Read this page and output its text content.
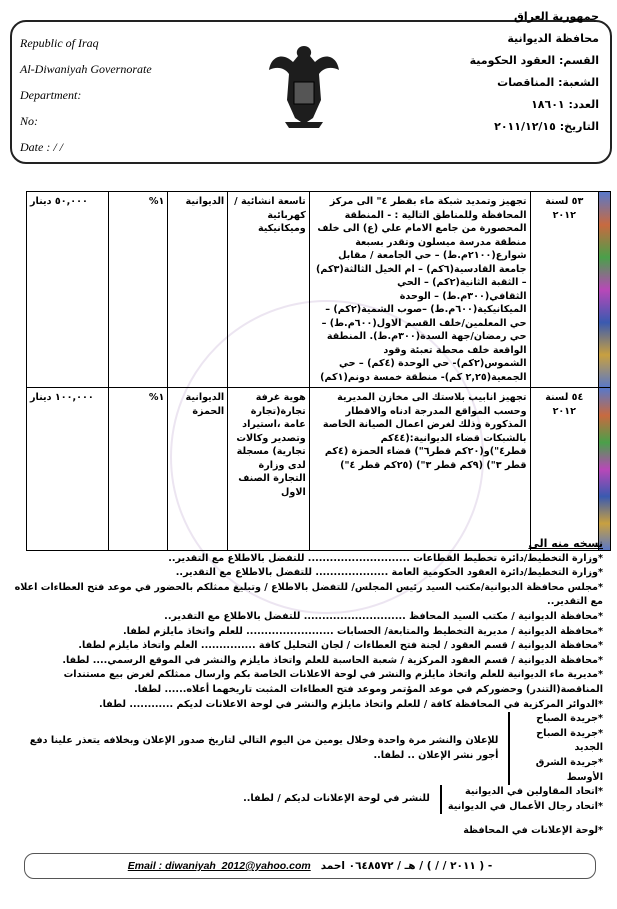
Republic of Iraq
Al-Diwaniyah Governorate
Department:
No:
Date : / /
جمهورية العراق
محافظة الديوانية
القسم: العقود الحكومية
الشعبة: المناقصات
العدد: ١٨٦٠١
التاريخ: ٢٠١١/١٢/١٥
	٥٣ لسنة ٢٠١٢	تجهيز وتمديد شبكة ماء بقطر ٤" الى مركز المحافظة وللمناطق التالية : - المنطقة المحصورة من جامع الامام علي (ع) الى خلف منطقة مدرسة ميسلون وتقدر بسبعة شوارع(٢١٠٠م.ط) – حي الجامعة / مقابل جامعة القادسية(٦كم) – ام الخيل الثالثة(٣كم) – الثقبة الثانية(٢كم) – الحي الثقافي(٣٠٠م.ط) – الوحدة الميكانيكية(٦٠٠م.ط) –صوب الشمية(٢كم) – حي المعلمين/خلف القسم الاول(٦٠٠م.ط) – حي رمضان/جهة السدة(٣٠٠م.ط). المنطقة الواقعة خلف محطة تعبئة وقود الشموس(٢كم)- حي الوحدة (٤كم) – حي الجمعية(٢,٢٥ كم)- منطقة خمسة دونم(١كم)	تاسعة انشائية / كهربائية وميكانيكية	الديوانية	١%	٥٠,٠٠٠ دينار
	٥٤ لسنة ٢٠١٢	تجهيز انابيب بلاستك الى مخازن المديرية وحسب المواقع المدرجة ادناه والاقطار المذكورة وذلك لغرض اعمال الصيانة الخاصة بالشبكات قضاء الديوانية:(٤٤كم قطر٤")و(٢٠كم قطر٦") قضاء الحمزة (٤كم قطر ٣") (٩كم قطر ٣") (٢٥كم قطر ٤")	هوية غرفة تجارة(تجارة عامة ،استيراد وتصدير وكالات تجارية) مسجلة لدى وزارة التجارة الصنف الاول	الديوانية الحمزة	١%	١٠٠,٠٠٠ دينار
نسخه منه الى
*وزارة التخطيط/دائرة تخطيط القطاعات ............................ للتفضل بالاطلاع مع التقدير..
*وزارة التخطيط/دائرة العقود الحكومية العامة .................... للتفضل بالاطلاع مع التقدير..
*مجلس محافظة الديوانية/مكتب السيد رئيس المجلس/ للتفضل بالاطلاع / وتبليغ ممثلكم بالحضور في موعد فتح العطاءات اعلاه مع التقدير..
*محافظة الديوانية / مكتب السيد المحافظ ............................ للتفضل بالاطلاع مع التقدير..
*محافظة الديوانية / مديرية التخطيط والمتابعة/ الحسابات ........................ للعلم واتخاذ مايلزم لطفا.
*محافظة الديوانية / قسم العقود / لجنة فتح العطاءات / لجان التحليل كافة ............... العلم واتخاذ مايلزم لطفا.
*محافظة الديوانية / قسم العقود المركزية / شعبة الحاسبة للعلم واتخاذ مايلزم والنشر في الموقع الرسمي.... لطفا.
*مديرية ماء الديوانية للعلم واتخاذ مايلزم والنشر في لوحة الاعلانات الخاصة بكم وارسال ممثلكم لغرض بيع مستندات المناقصة(التندر) وحضوركم في موعد المؤتمر وموعد فتح العطاءات المثبت تاريخهما أعلاه...... لطفا.
*الدوائر المركزية في المحافظة كافة / للعلم واتخاذ مايلزم والنشر في لوحة الاعلانات لديكم ............ لطفا.
*جريدة الصباح
*جريدة الصباح الجديد
*جريدة الشرق الأوسط
للإعلان والنشر مرة واحدة وخلال يومين من اليوم التالي لتاريخ صدور الإعلان وبخلافه يتعذر علينا دفع أجور نشر الإعلان .. لطفا..
*اتحاد المقاولين في الديوانية
*اتحاد رجال الأعمال في الديوانية
للنشر في لوحة الإعلانات لديكم / لطفا..
*لوحة الإعلانات في المحافظة
Email : diwaniyah_2012@yahoo.com - ( ٢٠١١ / / ) / هـ / ٠٦٤٨٥٧٢ احمد
